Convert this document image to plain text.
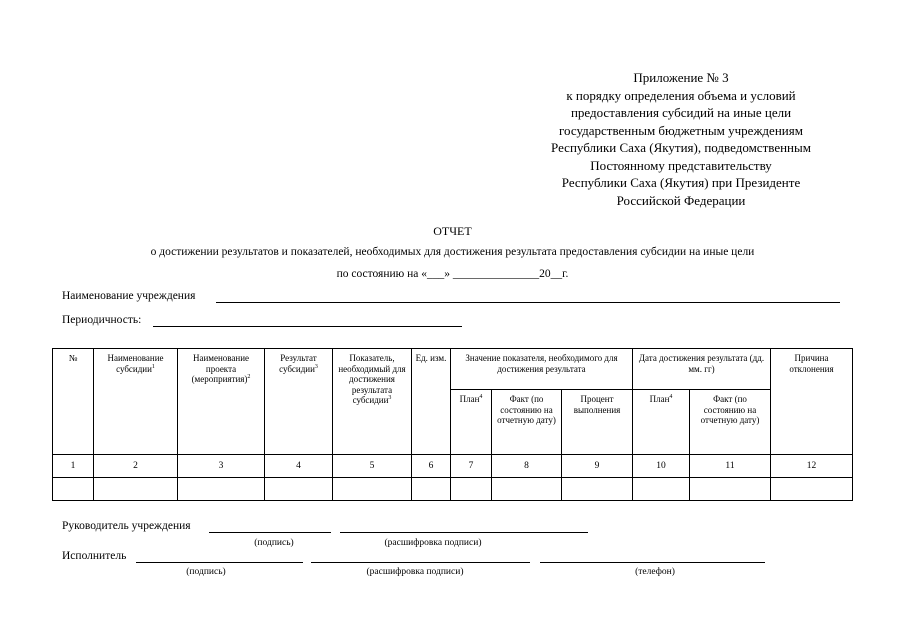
Приложение № 3
к порядку определения объема и условий
предоставления субсидий на иные цели
государственным бюджетным учреждениям
Республики Саха (Якутия), подведомственным
Постоянному представительству
Республики Саха (Якутия) при Президенте
Российской Федерации
ОТЧЕТ
о достижении результатов и показателей, необходимых для достижения результата предоставления субсидии на иные цели
по состоянию на «___» _______________20__г.
Наименование учреждения
Периодичность:
№	Наименование субсидии$^1$	Наименование проекта (мероприятия)$^2$	Результат субсидии$^3$	Показатель, необходимый для достижения результата субсидии$^3$	Ед. изм.	Значение показателя, необходимого для достижения результата			Дата достижения результата (дд. мм. гг)		Причина отклонения
						План$^4$	Факт (по состоянию на отчетную дату)	Процент выполнения	План$^4$	Факт (по состоянию на отчетную дату)	
1	2	3	4	5	6	7	8	9	10	11	12

Руководитель учреждения
(подпись)	(расшифровка подписи)
Исполнитель
(подпись)	(расшифровка подписи)	(телефон)
